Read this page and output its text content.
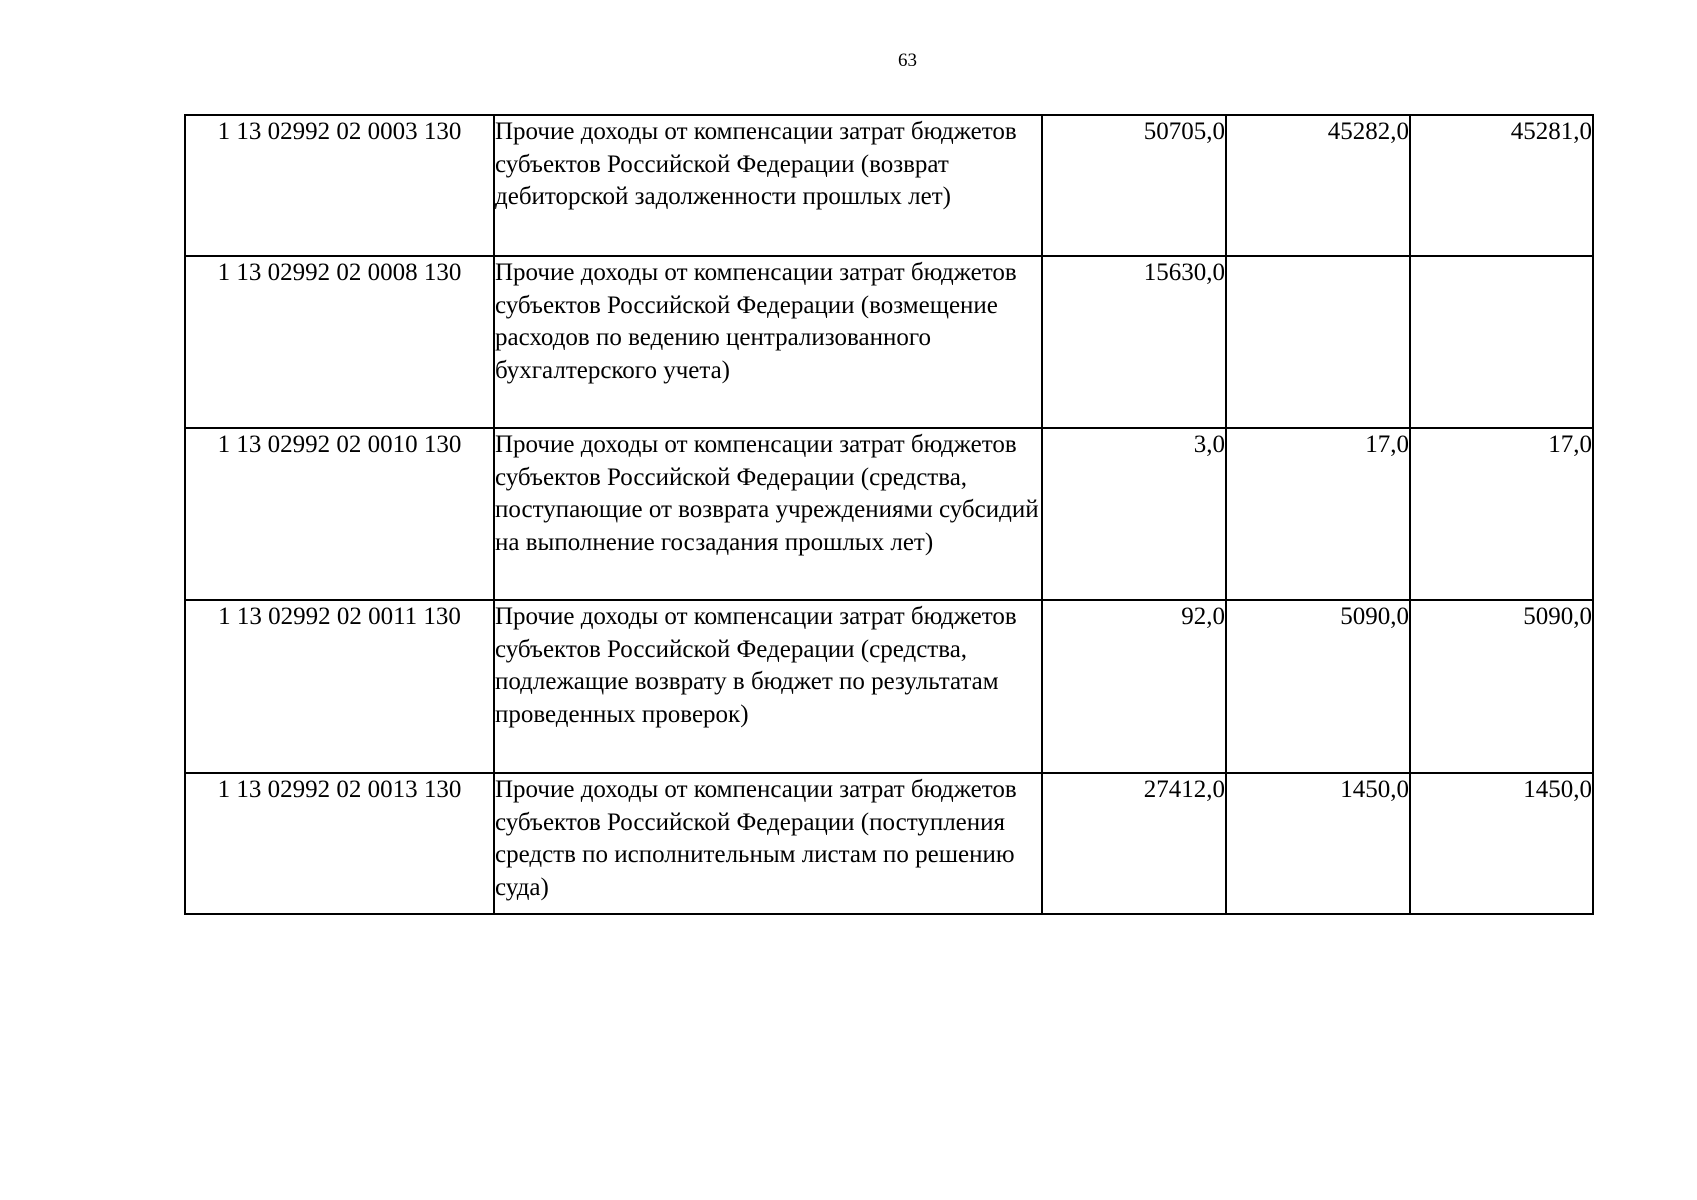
63
1 13 02992 02 0003 130	Прочие доходы от компенсации затрат бюджетов субъектов Российской Федерации (возврат дебиторской задолженности прошлых лет)	50705,0	45282,0	45281,0
1 13 02992 02 0008 130	Прочие доходы от компенсации затрат бюджетов субъектов Российской Федерации (возмещение расходов по ведению централизованного бухгалтерского учета)	15630,0		
1 13 02992 02 0010 130	Прочие доходы от компенсации затрат бюджетов субъектов Российской Федерации (средства, поступающие от возврата учреждениями субсидий на выполнение госзадания прошлых лет)	3,0	17,0	17,0
1 13 02992 02 0011 130	Прочие доходы от компенсации затрат бюджетов субъектов Российской Федерации (средства, подлежащие возврату в бюджет по результатам проведенных проверок)	92,0	5090,0	5090,0
1 13 02992 02 0013 130	Прочие доходы от компенсации затрат бюджетов субъектов Российской Федерации (поступления средств по исполнительным листам по решению суда)	27412,0	1450,0	1450,0
